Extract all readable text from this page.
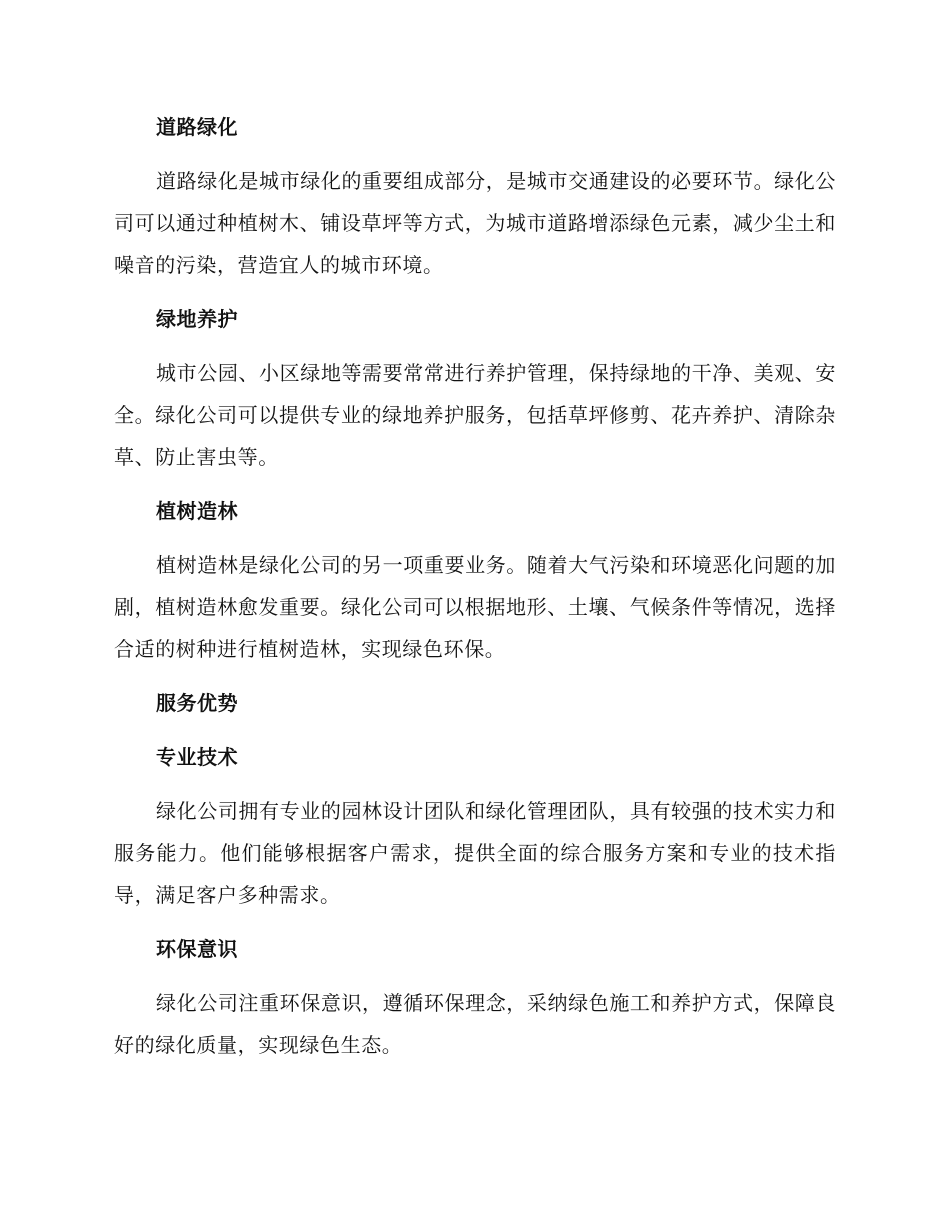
道路绿化

道路绿化是城市绿化的重要组成部分，是城市交通建设的必要环节。绿化公司可以通过种植树木、铺设草坪等方式，为城市道路增添绿色元素，减少尘土和噪音的污染，营造宜人的城市环境。

绿地养护

城市公园、小区绿地等需要常常进行养护管理，保持绿地的干净、美观、安全。绿化公司可以提供专业的绿地养护服务，包括草坪修剪、花卉养护、清除杂草、防止害虫等。

植树造林

植树造林是绿化公司的另一项重要业务。随着大气污染和环境恶化问题的加剧，植树造林愈发重要。绿化公司可以根据地形、土壤、气候条件等情况，选择合适的树种进行植树造林，实现绿色环保。

服务优势
专业技术

绿化公司拥有专业的园林设计团队和绿化管理团队，具有较强的技术实力和服务能力。他们能够根据客户需求，提供全面的综合服务方案和专业的技术指导，满足客户多种需求。

环保意识

绿化公司注重环保意识，遵循环保理念，采纳绿色施工和养护方式，保障良好的绿化质量，实现绿色生态。
